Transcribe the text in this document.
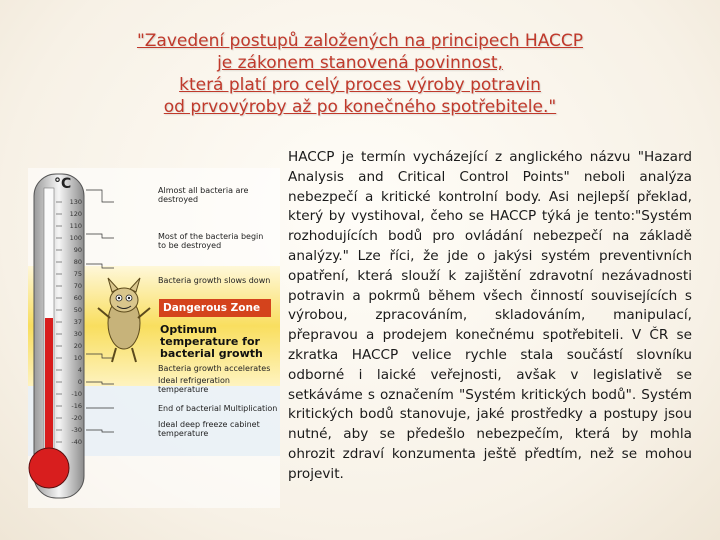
"Zavedení postupů založených na principech HACCP
je zákonem stanovená povinnost,
která platí pro celý proces výroby potravin
od prvovýroby až po konečného spotřebitele."
°C
130
120
110
100
90
80
75
70
60
50
37
30
20
10
4
0
-10
-16
-20
-30
-40
Almost all bacteria are destroyed
Most of the bacteria begin to be destroyed
Bacteria growth slows down
Dangerous Zone
Optimum temperature for bacterial growth
Bacteria growth accelerates
Ideal refrigeration temperature
End of bacterial Multiplication
Ideal deep freeze cabinet temperature
HACCP je termín vycházející z anglického názvu "Hazard Analysis and Critical Control Points" neboli analýza nebezpečí a kritické kontrolní body. Asi nejlepší překlad, který by vystihoval, čeho se HACCP týká je tento:"Systém rozhodujících bodů pro ovládání nebezpečí na základě analýzy." Lze říci, že jde o jakýsi systém preventivních opatření, která slouží k zajištění zdravotní nezávadnosti potravin a pokrmů během všech činností souvisejících s výrobou, zpracováním, skladováním, manipulací, přepravou a prodejem konečnému spotřebiteli. V ČR se zkratka HACCP velice rychle stala součástí slovníku odborné i laické veřejnosti, avšak v legislativě se setkáváme s označením "Systém kritických bodů". Systém kritických bodů stanovuje, jaké prostředky a postupy jsou nutné, aby se předešlo nebezpečím, která by mohla ohrozit zdraví konzumenta ještě předtím, než se mohou projevit.
